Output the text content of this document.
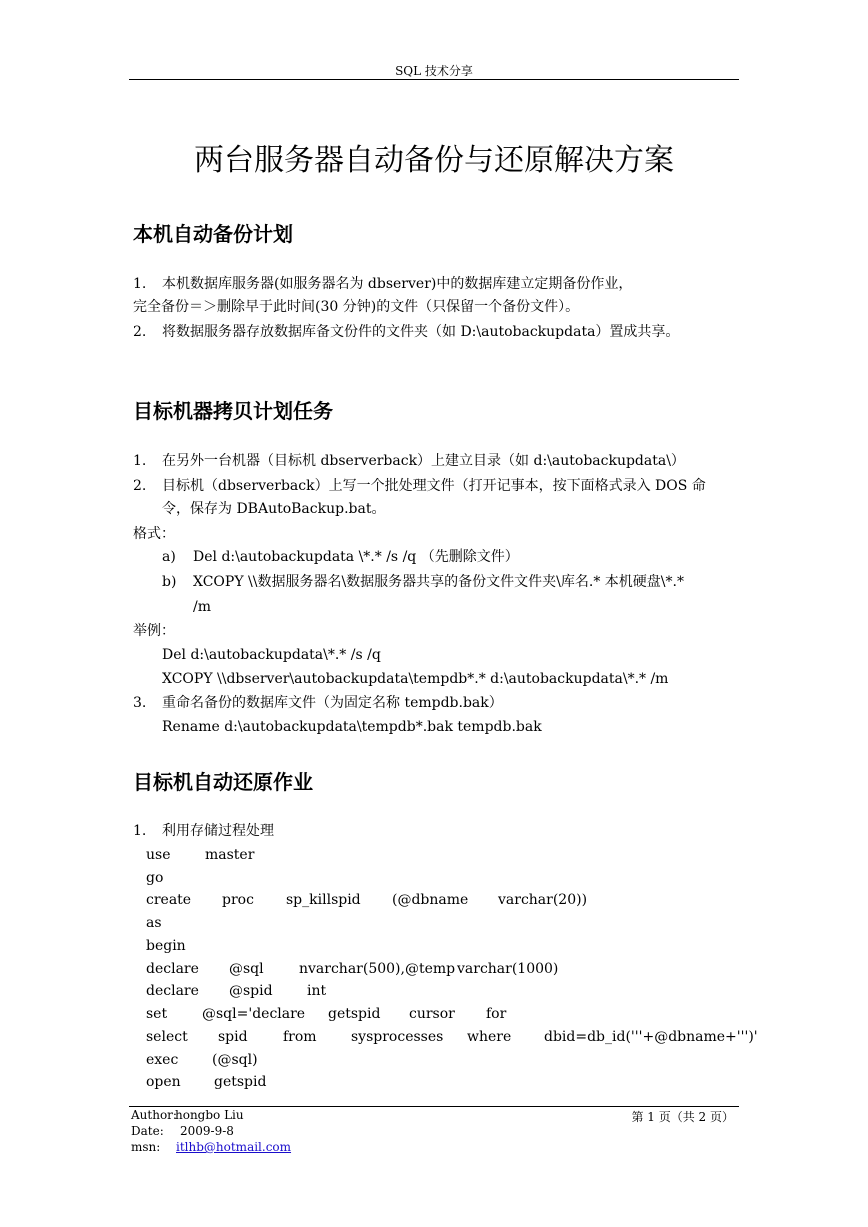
SQL 技术分享
两台服务器自动备份与还原解决方案
本机自动备份计划
1. 本机数据库服务器(如服务器名为 dbserver)中的数据库建立定期备份作业，
完全备份＝＞删除早于此时间(30 分钟)的文件（只保留一个备份文件）。
2. 将数据服务器存放数据库备文份件的文件夹（如 D:\autobackupdata）置成共享。
目标机器拷贝计划任务
1. 在另外一台机器（目标机 dbserverback）上建立目录（如 d:\autobackupdata\）
2. 目标机（dbserverback）上写一个批处理文件（打开记事本，按下面格式录入 DOS 命
令，保存为 DBAutoBackup.bat。
格式：
a) Del d:\autobackupdata \*.* /s /q （先删除文件）
b) XCOPY \\数据服务器名\数据服务器共享的备份文件文件夹\库名.* 本机硬盘\*.*
/m
举例：
Del d:\autobackupdata\*.* /s /q
XCOPY \\dbserver\autobackupdata\tempdb*.* d:\autobackupdata\*.* /m
3. 重命名备份的数据库文件（为固定名称 tempdb.bak）
Rename d:\autobackupdata\tempdb*.bak tempdb.bak
目标机自动还原作业
1. 利用存储过程处理
use master
go
create proc sp_killspid (@dbname varchar(20))
as
begin
declare @sql	nvarchar(500),@temp varchar(1000)
declare @spid int
set @sql='declare getspid cursor for
select spid	from sysprocesses where dbid=db_id('''+@dbname+''')'
exec (@sql)
open getspid
Author:
hongbo Liu
Date: 2009-9-8
msn: itlhb@hotmail.com
第 1 页（共 2 页）
